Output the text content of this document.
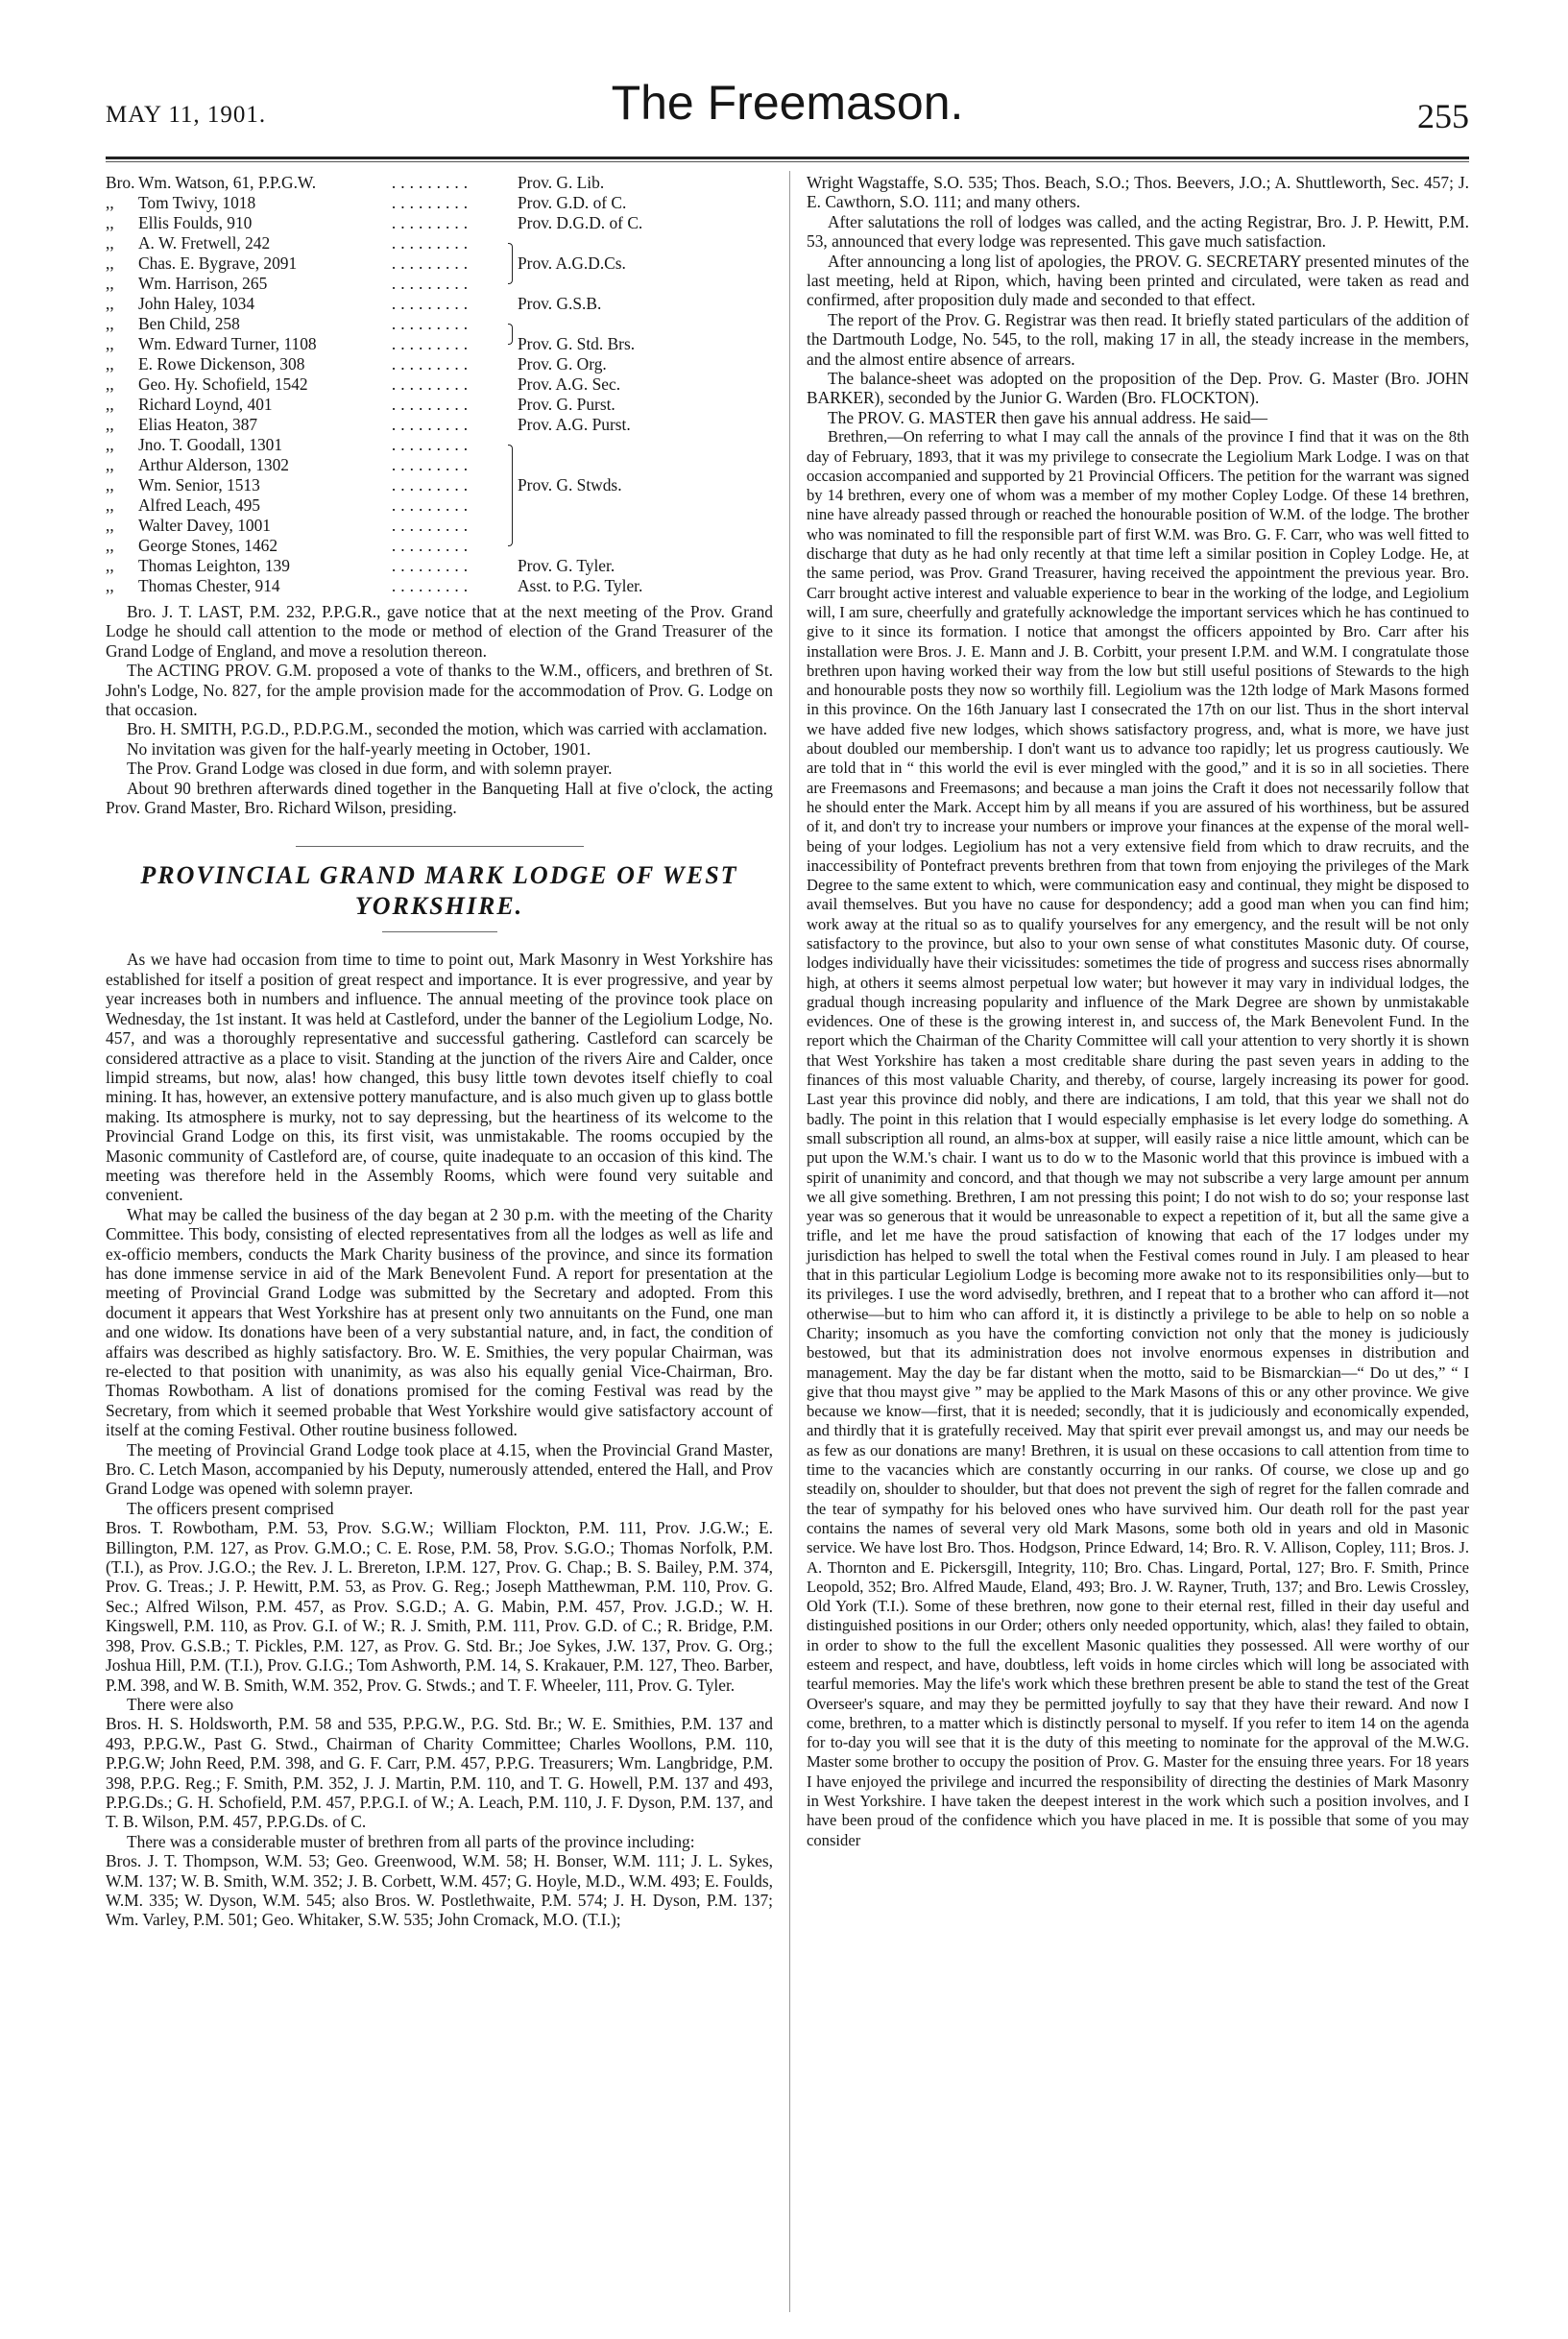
MAY 11, 1901.	The Freemason.	255
Bro. Wm. Watson, 61, P.P.G.W.	.........	Prov. G. Lib.
,,	Tom Twivy, 1018	.........	Prov. G.D. of C.
,,	Ellis Foulds, 910	.........	Prov. D.G.D. of C.
,,	A. W. Fretwell, 242	.........
,,	Chas. E. Bygrave, 2091	.........	Prov. A.G.D.Cs.
,,	Wm. Harrison, 265	.........
,,	John Haley, 1034	.........	Prov. G.S.B.
,,	Ben Child, 258	.........
,,	Wm. Edward Turner, 1108	.........	Prov. G. Std. Brs.
,,	E. Rowe Dickenson, 308	.........	Prov. G. Org.
,,	Geo. Hy. Schofield, 1542	.........	Prov. A.G. Sec.
,,	Richard Loynd, 401	.........	Prov. G. Purst.
,,	Elias Heaton, 387	.........	Prov. A.G. Purst.
,,	Jno. T. Goodall, 1301	.........
,,	Arthur Alderson, 1302	.........
,,	Wm. Senior, 1513	.........	Prov. G. Stwds.
,,	Alfred Leach, 495	.........
,,	Walter Davey, 1001	.........
,,	George Stones, 1462	.........
,,	Thomas Leighton, 139	.........	Prov. G. Tyler.
,,	Thomas Chester, 914	.........	Asst. to P.G. Tyler.

Bro. J. T. LAST, P.M. 232, P.P.G.R., gave notice that at the next meeting of the Prov. Grand Lodge he should call attention to the mode or method of election of the Grand Treasurer of the Grand Lodge of England, and move a resolution thereon.

The ACTING PROV. G.M. proposed a vote of thanks to the W.M., officers, and brethren of St. John's Lodge, No. 827, for the ample provision made for the accommodation of Prov. G. Lodge on that occasion.

Bro. H. SMITH, P.G.D., P.D.P.G.M., seconded the motion, which was carried with acclamation.

No invitation was given for the half-yearly meeting in October, 1901.

The Prov. Grand Lodge was closed in due form, and with solemn prayer.

About 90 brethren afterwards dined together in the Banqueting Hall at five o'clock, the acting Prov. Grand Master, Bro. Richard Wilson, presiding.

PROVINCIAL GRAND MARK LODGE OF WEST YORKSHIRE.

As we have had occasion from time to time to point out, Mark Masonry in West Yorkshire has established for itself a position of great respect and importance. It is ever progressive, and year by year increases both in numbers and influence. The annual meeting of the province took place on Wednesday, the 1st instant. It was held at Castleford, under the banner of the Legiolium Lodge, No. 457, and was a thoroughly representative and successful gathering. Castleford can scarcely be considered attractive as a place to visit. Standing at the junction of the rivers Aire and Calder, once limpid streams, but now, alas! how changed, this busy little town devotes itself chiefly to coal mining. It has, however, an extensive pottery manufacture, and is also much given up to glass bottle making. Its atmosphere is murky, not to say depressing, but the heartiness of its welcome to the Provincial Grand Lodge on this, its first visit, was unmistakable. The rooms occupied by the Masonic community of Castleford are, of course, quite inadequate to an occasion of this kind. The meeting was therefore held in the Assembly Rooms, which were found very suitable and convenient.

What may be called the business of the day began at 2 30 p.m. with the meeting of the Charity Committee. This body, consisting of elected representatives from all the lodges as well as life and ex-officio members, conducts the Mark Charity business of the province, and since its formation has done immense service in aid of the Mark Benevolent Fund. A report for presentation at the meeting of Provincial Grand Lodge was submitted by the Secretary and adopted. From this document it appears that West Yorkshire has at present only two annuitants on the Fund, one man and one widow. Its donations have been of a very substantial nature, and, in fact, the condition of affairs was described as highly satisfactory. Bro. W. E. Smithies, the very popular Chairman, was re-elected to that position with unanimity, as was also his equally genial Vice-Chairman, Bro. Thomas Rowbotham. A list of donations promised for the coming Festival was read by the Secretary, from which it seemed probable that West Yorkshire would give satisfactory account of itself at the coming Festival. Other routine business followed.

The meeting of Provincial Grand Lodge took place at 4.15, when the Provincial Grand Master, Bro. C. Letch Mason, accompanied by his Deputy, numerously attended, entered the Hall, and Prov Grand Lodge was opened with solemn prayer.

The officers present comprised

Bros. T. Rowbotham, P.M. 53, Prov. S.G.W.; William Flockton, P.M. 111, Prov. J.G.W.; E. Billington, P.M. 127, as Prov. G.M.O.; C. E. Rose, P.M. 58, Prov. S.G.O.; Thomas Norfolk, P.M. (T.I.), as Prov. J.G.O.; the Rev. J. L. Brereton, I.P.M. 127, Prov. G. Chap.; B. S. Bailey, P.M. 374, Prov. G. Treas.; J. P. Hewitt, P.M. 53, as Prov. G. Reg.; Joseph Matthewman, P.M. 110, Prov. G. Sec.; Alfred Wilson, P.M. 457, as Prov. S.G.D.; A. G. Mabin, P.M. 457, Prov. J.G.D.; W. H. Kingswell, P.M. 110, as Prov. G.I. of W.; R. J. Smith, P.M. 111, Prov. G.D. of C.; R. Bridge, P.M. 398, Prov. G.S.B.; T. Pickles, P.M. 127, as Prov. G. Std. Br.; Joe Sykes, J.W. 137, Prov. G. Org.; Joshua Hill, P.M. (T.I.), Prov. G.I.G.; Tom Ashworth, P.M. 14, S. Krakauer, P.M. 127, Theo. Barber, P.M. 398, and W. B. Smith, W.M. 352, Prov. G. Stwds.; and T. F. Wheeler, 111, Prov. G. Tyler.

There were also

Bros. H. S. Holdsworth, P.M. 58 and 535, P.P.G.W., P.G. Std. Br.; W. E. Smithies, P.M. 137 and 493, P.P.G.W., Past G. Stwd., Chairman of Charity Committee; Charles Woollons, P.M. 110, P.P.G.W; John Reed, P.M. 398, and G. F. Carr, P.M. 457, P.P.G. Treasurers; Wm. Langbridge, P.M. 398, P.P.G. Reg.; F. Smith, P.M. 352, J. J. Martin, P.M. 110, and T. G. Howell, P.M. 137 and 493, P.P.G.Ds.; G. H. Schofield, P.M. 457, P.P.G.I. of W.; A. Leach, P.M. 110, J. F. Dyson, P.M. 137, and T. B. Wilson, P.M. 457, P.P.G.Ds. of C.

There was a considerable muster of brethren from all parts of the province including:

Bros. J. T. Thompson, W.M. 53; Geo. Greenwood, W.M. 58; H. Bonser, W.M. 111; J. L. Sykes, W.M. 137; W. B. Smith, W.M. 352; J. B. Corbett, W.M. 457; G. Hoyle, M.D., W.M. 493; E. Foulds, W.M. 335; W. Dyson, W.M. 545; also Bros. W. Postlethwaite, P.M. 574; J. H. Dyson, P.M. 137; Wm. Varley, P.M. 501; Geo. Whitaker, S.W. 535; John Cromack, M.O. (T.I.);

Wright Wagstaffe, S.O. 535; Thos. Beach, S.O.; Thos. Beevers, J.O.; A. Shuttleworth, Sec. 457; J. E. Cawthorn, S.O. 111; and many others.

After salutations the roll of lodges was called, and the acting Registrar, Bro. J. P. Hewitt, P.M. 53, announced that every lodge was represented. This gave much satisfaction.

After announcing a long list of apologies, the PROV. G. SECRETARY presented minutes of the last meeting, held at Ripon, which, having been printed and circulated, were taken as read and confirmed, after proposition duly made and seconded to that effect.

The report of the Prov. G. Registrar was then read. It briefly stated particulars of the addition of the Dartmouth Lodge, No. 545, to the roll, making 17 in all, the steady increase in the members, and the almost entire absence of arrears.

The balance-sheet was adopted on the proposition of the Dep. Prov. G. Master (Bro. JOHN BARKER), seconded by the Junior G. Warden (Bro. FLOCKTON).

The PROV. G. MASTER then gave his annual address. He said—

Brethren,—On referring to what I may call the annals of the province I find that it was on the 8th day of February, 1893, that it was my privilege to consecrate the Legiolium Mark Lodge. I was on that occasion accompanied and supported by 21 Provincial Officers. The petition for the warrant was signed by 14 brethren, every one of whom was a member of my mother Copley Lodge. Of these 14 brethren, nine have already passed through or reached the honourable position of W.M. of the lodge. The brother who was nominated to fill the responsible part of first W.M. was Bro. G. F. Carr, who was well fitted to discharge that duty as he had only recently at that time left a similar position in Copley Lodge. He, at the same period, was Prov. Grand Treasurer, having received the appointment the previous year. Bro. Carr brought active interest and valuable experience to bear in the working of the lodge, and Legiolium will, I am sure, cheerfully and gratefully acknowledge the important services which he has continued to give to it since its formation. I notice that amongst the officers appointed by Bro. Carr after his installation were Bros. J. E. Mann and J. B. Corbitt, your present I.P.M. and W.M. I congratulate those brethren upon having worked their way from the low but still useful positions of Stewards to the high and honourable posts they now so worthily fill. Legiolium was the 12th lodge of Mark Masons formed in this province. On the 16th January last I consecrated the 17th on our list. Thus in the short interval we have added five new lodges, which shows satisfactory progress, and, what is more, we have just about doubled our membership. I don't want us to advance too rapidly; let us progress cautiously. We are told that in “ this world the evil is ever mingled with the good,” and it is so in all societies. There are Freemasons and Freemasons; and because a man joins the Craft it does not necessarily follow that he should enter the Mark. Accept him by all means if you are assured of his worthiness, but be assured of it, and don't try to increase your numbers or improve your finances at the expense of the moral well-being of your lodges. Legiolium has not a very extensive field from which to draw recruits, and the inaccessibility of Pontefract prevents brethren from that town from enjoying the privileges of the Mark Degree to the same extent to which, were communication easy and continual, they might be disposed to avail themselves. But you have no cause for despondency; add a good man when you can find him; work away at the ritual so as to qualify yourselves for any emergency, and the result will be not only satisfactory to the province, but also to your own sense of what constitutes Masonic duty. Of course, lodges individually have their vicissitudes: sometimes the tide of progress and success rises abnormally high, at others it seems almost perpetual low water; but however it may vary in individual lodges, the gradual though increasing popularity and influence of the Mark Degree are shown by unmistakable evidences. One of these is the growing interest in, and success of, the Mark Benevolent Fund. In the report which the Chairman of the Charity Committee will call your attention to very shortly it is shown that West Yorkshire has taken a most creditable share during the past seven years in adding to the finances of this most valuable Charity, and thereby, of course, largely increasing its power for good. Last year this province did nobly, and there are indications, I am told, that this year we shall not do badly. The point in this relation that I would especially emphasise is let every lodge do something. A small subscription all round, an alms-box at supper, will easily raise a nice little amount, which can be put upon the W.M.'s chair. I want us to do w to the Masonic world that this province is imbued with a spirit of unanimity and concord, and that though we may not subscribe a very large amount per annum we all give something. Brethren, I am not pressing this point; I do not wish to do so; your response last year was so generous that it would be unreasonable to expect a repetition of it, but all the same give a trifle, and let me have the proud satisfaction of knowing that each of the 17 lodges under my jurisdiction has helped to swell the total when the Festival comes round in July. I am pleased to hear that in this particular Legiolium Lodge is becoming more awake not to its responsibilities only—but to its privileges. I use the word advisedly, brethren, and I repeat that to a brother who can afford it—not otherwise—but to him who can afford it, it is distinctly a privilege to be able to help on so noble a Charity; insomuch as you have the comforting conviction not only that the money is judiciously bestowed, but that its administration does not involve enormous expenses in distribution and management. May the day be far distant when the motto, said to be Bismarckian—“ Do ut des,” “ I give that thou mayst give ” may be applied to the Mark Masons of this or any other province. We give because we know—first, that it is needed; secondly, that it is judiciously and economically expended, and thirdly that it is gratefully received. May that spirit ever prevail amongst us, and may our needs be as few as our donations are many! Brethren, it is usual on these occasions to call attention from time to time to the vacancies which are constantly occurring in our ranks. Of course, we close up and go steadily on, shoulder to shoulder, but that does not prevent the sigh of regret for the fallen comrade and the tear of sympathy for his beloved ones who have survived him. Our death roll for the past year contains the names of several very old Mark Masons, some both old in years and old in Masonic service. We have lost Bro. Thos. Hodgson, Prince Edward, 14; Bro. R. V. Allison, Copley, 111; Bros. J. A. Thornton and E. Pickersgill, Integrity, 110; Bro. Chas. Lingard, Portal, 127; Bro. F. Smith, Prince Leopold, 352; Bro. Alfred Maude, Eland, 493; Bro. J. W. Rayner, Truth, 137; and Bro. Lewis Crossley, Old York (T.I.). Some of these brethren, now gone to their eternal rest, filled in their day useful and distinguished positions in our Order; others only needed opportunity, which, alas! they failed to obtain, in order to show to the full the excellent Masonic qualities they possessed. All were worthy of our esteem and respect, and have, doubtless, left voids in home circles which will long be associated with tearful memories. May the life's work which these brethren present be able to stand the test of the Great Overseer's square, and may they be permitted joyfully to say that they have their reward. And now I come, brethren, to a matter which is distinctly personal to myself. If you refer to item 14 on the agenda for to-day you will see that it is the duty of this meeting to nominate for the approval of the M.W.G. Master some brother to occupy the position of Prov. G. Master for the ensuing three years. For 18 years I have enjoyed the privilege and incurred the responsibility of directing the destinies of Mark Masonry in West Yorkshire. I have taken the deepest interest in the work which such a position involves, and I have been proud of the confidence which you have placed in me. It is possible that some of you may consider
